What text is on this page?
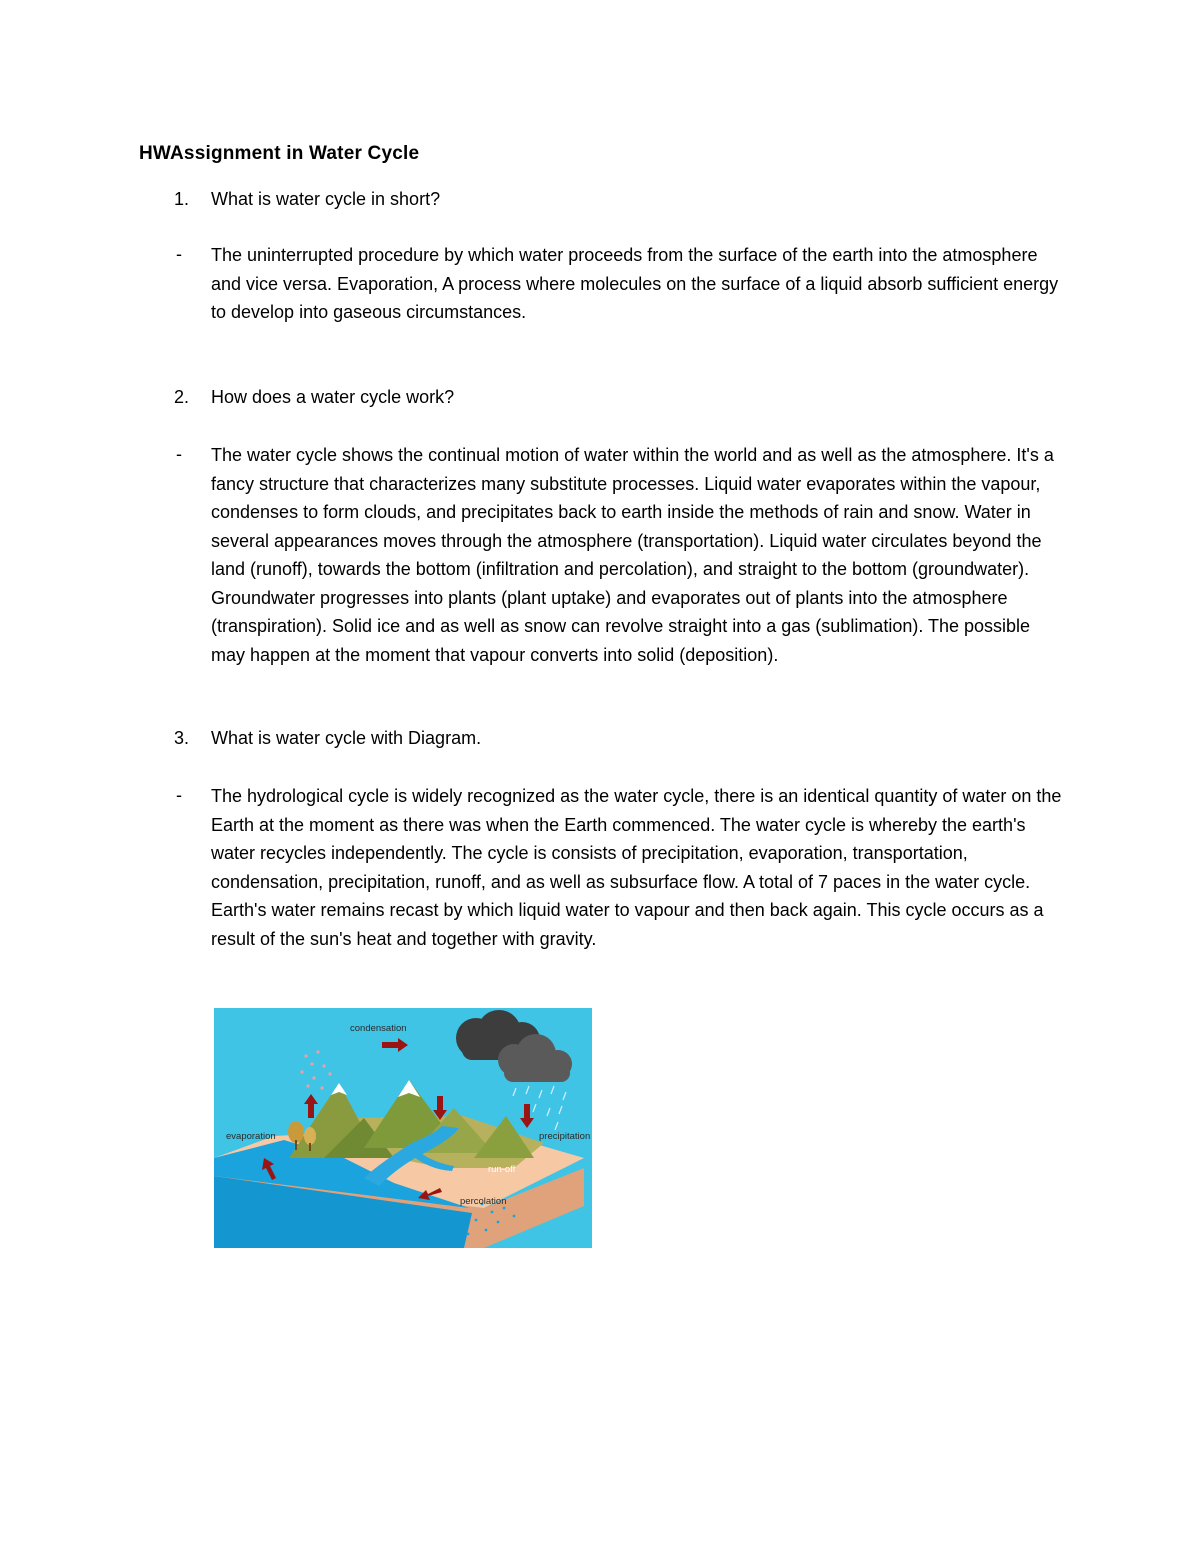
HWAssignment in Water Cycle
1. What is water cycle in short?
- The uninterrupted procedure by which water proceeds from the surface of the earth into the atmosphere and vice versa. Evaporation, A process where molecules on the surface of a liquid absorb sufficient energy to develop into gaseous circumstances.
2. How does a water cycle work?
- The water cycle shows the continual motion of water within the world and as well as the atmosphere. It's a fancy structure that characterizes many substitute processes. Liquid water evaporates within the vapour, condenses to form clouds, and precipitates back to earth inside the methods of rain and snow. Water in several appearances moves through the atmosphere (transportation). Liquid water circulates beyond the land (runoff), towards the bottom (infiltration and percolation), and straight to the bottom (groundwater). Groundwater progresses into plants (plant uptake) and evaporates out of plants into the atmosphere (transpiration). Solid ice and as well as snow can revolve straight into a gas (sublimation). The possible may happen at the moment that vapour converts into solid (deposition).
3. What is water cycle with Diagram.
- The hydrological cycle is widely recognized as the water cycle, there is an identical quantity of water on the Earth at the moment as there was when the Earth commenced. The water cycle is whereby the earth's water recycles independently. The cycle is consists of precipitation, evaporation, transportation, condensation, precipitation, runoff, and as well as subsurface flow. A total of 7 paces in the water cycle. Earth's water remains recast by which liquid water to vapour and then back again. This cycle occurs as a result of the sun's heat and together with gravity.
condensation
evaporation	precipitation
run-off
percolation
